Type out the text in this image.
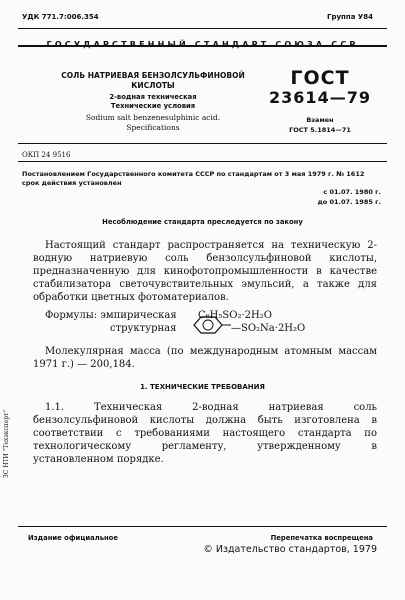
УДК 771.7:006.354	Группа У84
ГОСУДАРСТВЕННЫЙ СТАНДАРТ СОЮЗА ССР
СОЛЬ НАТРИЕВАЯ БЕНЗОЛСУЛЬФИНОВОЙ
КИСЛОТЫ
2-водная техническая
Технические условия
Sodium salt benzenesulphinic acid.
Specifications
ГОСТ
23614—79
Взамен
ГОСТ 5.1814—71
ОКП 24 9516
Постановлением Государственного комитета СССР по стандартам от 3 мая 1979 г. № 1612 срок действия установлен
с 01.07. 1980 г.
до 01.07. 1985 г.
Несоблюдение стандарта преследуется по закону
Настоящий стандарт распространяется на техническую 2-водную натриевую соль бензолсульфиновой кислоты, предназначенную для кинофотопромышленности в качестве стабилизатора светочувствительных эмульсий, а также для обработки цветных фотоматериалов.
Формулы: эмпирическая C₆H₅SO₂·2H₂O
структурная	—SO₂Na·2H₂O
Молекулярная масса (по международным атомным массам 1971 г.) — 200,184.
1. ТЕХНИЧЕСКИЕ ТРЕБОВАНИЯ
1.1. Техническая 2-водная натриевая соль бензолсульфиновой кислоты должна быть изготовлена в соответствии с требованиями настоящего стандарта по технологическому регламенту, утвержденному в установленном порядке.
ЗС НТИ "Техэксперт"
Издание официальное	Перепечатка воспрещена
© Издательство стандартов, 1979
